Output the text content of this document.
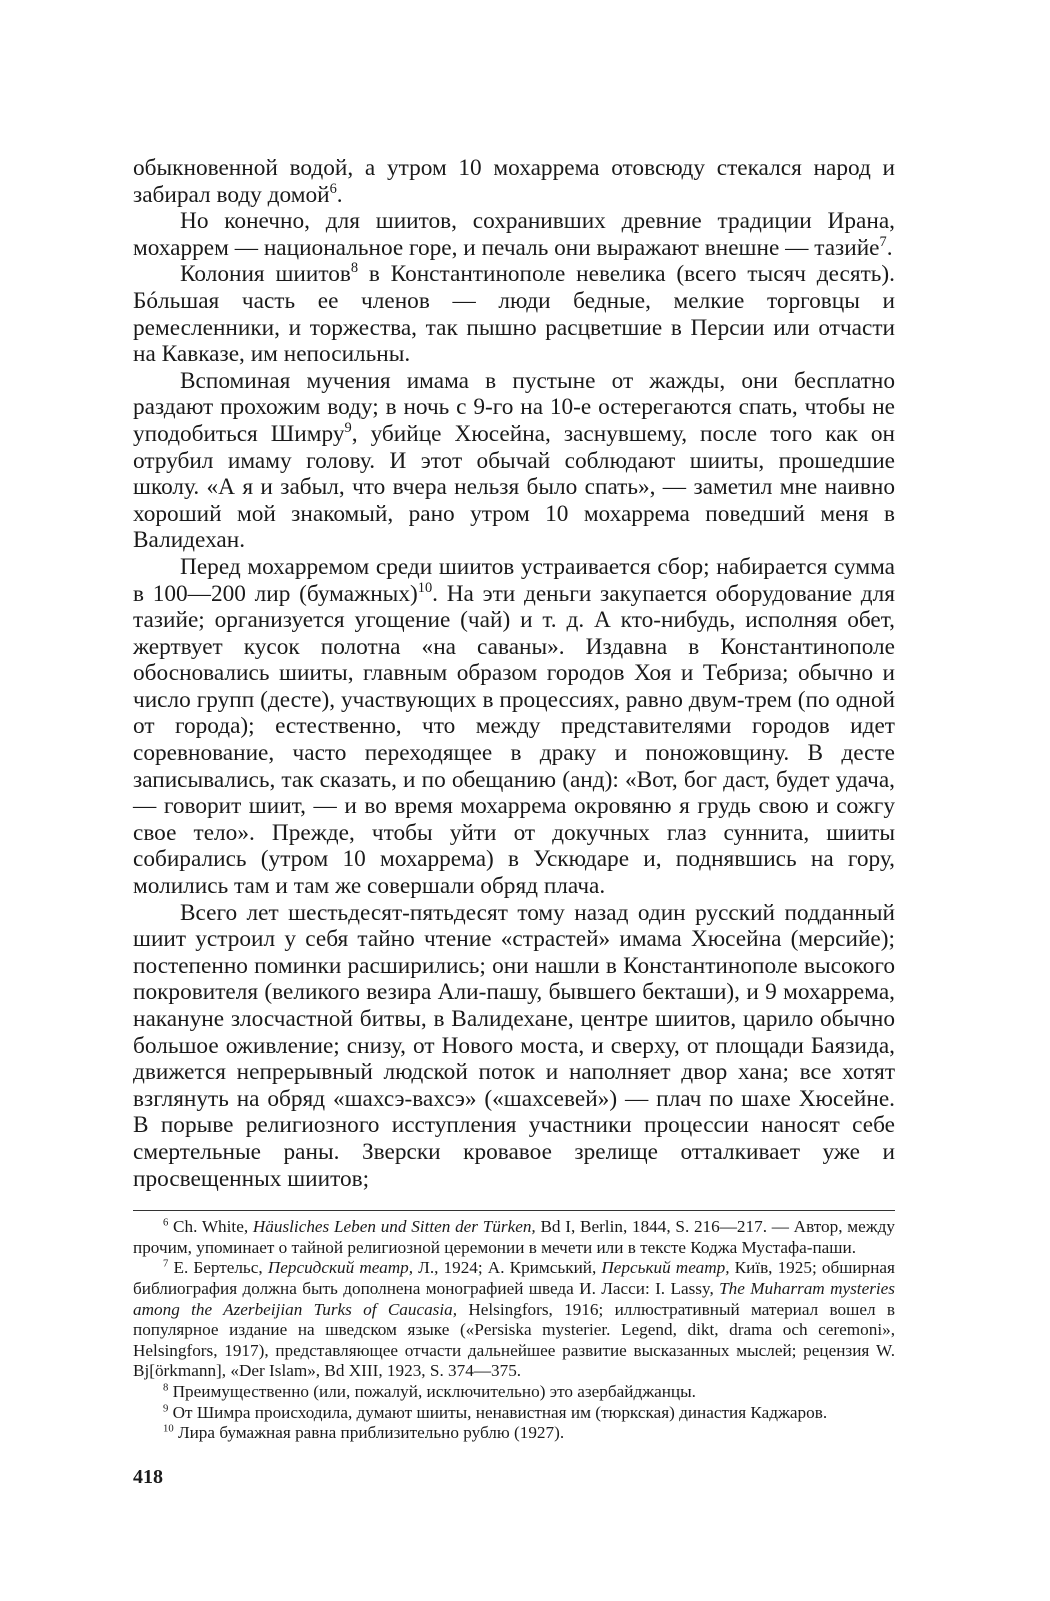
обыкновенной водой, а утром 10 мохаррема отовсюду стекался народ и забирал воду домой$^6$.

Но конечно, для шиитов, сохранивших древние традиции Ирана, мохаррем — национальное горе, и печаль они выражают внешне — тазийе$^7$.

Колония шиитов$^8$ в Константинополе невелика (всего тысяч десять). Бóльшая часть ее членов — люди бедные, мелкие торговцы и ремесленники, и торжества, так пышно расцветшие в Персии или отчасти на Кавказе, им непосильны.

Вспоминая мучения имама в пустыне от жажды, они бесплатно раздают прохожим воду; в ночь с 9-го на 10-е остерегаются спать, чтобы не уподобиться Шимру$^9$, убийце Хюсейна, заснувшему, после того как он отрубил имаму голову. И этот обычай соблюдают шииты, прошедшие школу. «А я и забыл, что вчера нельзя было спать», — заметил мне наивно хороший мой знакомый, рано утром 10 мохаррема поведший меня в Валидехан.

Перед мохарремом среди шиитов устраивается сбор; набирается сумма в 100—200 лир (бумажных)$^{10}$. На эти деньги закупается оборудование для тазийе; организуется угощение (чай) и т. д. А кто-нибудь, исполняя обет, жертвует кусок полотна «на саваны». Издавна в Константинополе обосновались шииты, главным образом городов Хоя и Тебриза; обычно и число групп (десте), участвующих в процессиях, равно двум-трем (по одной от города); естественно, что между представителями городов идет соревнование, часто переходящее в драку и поножовщину. В десте записывались, так сказать, и по обещанию (анд): «Вот, бог даст, будет удача, — говорит шиит, — и во время мохаррема окровяню я грудь свою и сожгу свое тело». Прежде, чтобы уйти от докучных глаз суннита, шииты собирались (утром 10 мохаррема) в Ускюдаре и, поднявшись на гору, молились там и там же совершали обряд плача.

Всего лет шестьдесят-пятьдесят тому назад один русский подданный шиит устроил у себя тайно чтение «страстей» имама Хюсейна (мерсийе); постепенно поминки расширились; они нашли в Константинополе высокого покровителя (великого везира Али-пашу, бывшего бекташи), и 9 мохаррема, накануне злосчастной битвы, в Валидехане, центре шиитов, царило обычно большое оживление; снизу, от Нового моста, и сверху, от площади Баязида, движется непрерывный людской поток и наполняет двор хана; все хотят взглянуть на обряд «шахсэ-вахсэ» («шахсевей») — плач по шахе Хюсейне. В порыве религиозного исступления участники процессии наносят себе смертельные раны. Зверски кровавое зрелище отталкивает уже и просвещенных шиитов;

$^6$ Ch. White, Häusliches Leben und Sitten der Türken, Bd I, Berlin, 1844, S. 216—217. — Автор, между прочим, упоминает о тайной религиозной церемонии в мечети или в тексте Коджа Мустафа-паши.

$^7$ Е. Бертельс, Персидский театр, Л., 1924; А. Кримський, Перський театр, Київ, 1925; обширная библиография должна быть дополнена монографией шведа И. Ласси: I. Lassy, The Muharram mysteries among the Azerbeijian Turks of Caucasia, Helsingfors, 1916; иллюстративный материал вошел в популярное издание на шведском языке («Persiska mysterier. Legend, dikt, drama och ceremoni», Helsingfors, 1917), представляющее отчасти дальнейшее развитие высказанных мыслей; рецензия W. Bj[örkmann], «Der Islam», Bd XIII, 1923, S. 374—375.

$^8$ Преимущественно (или, пожалуй, исключительно) это азербайджанцы.

$^9$ От Шимра происходила, думают шииты, ненавистная им (тюркская) династия Каджаров.

$^{10}$ Лира бумажная равна приблизительно рублю (1927).

418
